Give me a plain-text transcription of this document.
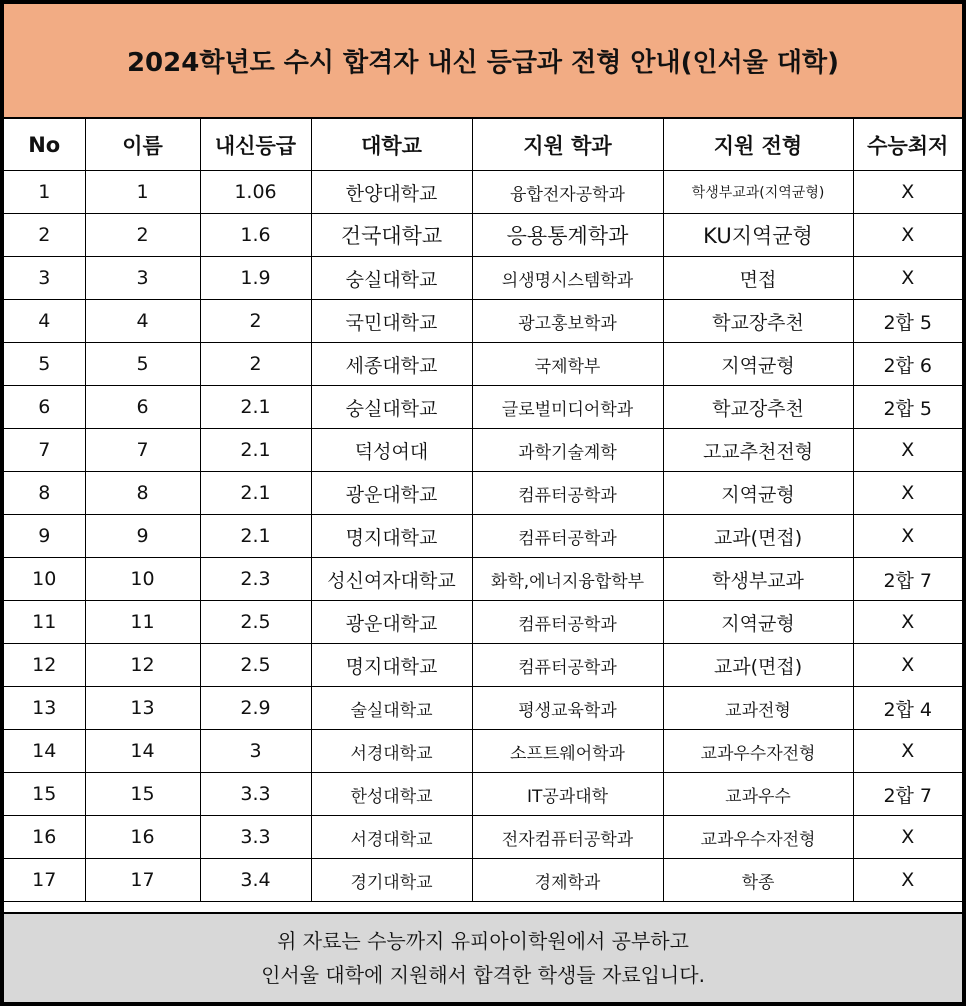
2024학년도 수시 합격자 내신 등급과 전형 안내(인서울 대학)
No	이름	내신등급	대학교	지원 학과	지원 전형	수능최저
1	1	1.06	한양대학교	융합전자공학과	학생부교과(지역균형)	X
2	2	1.6	건국대학교	응용통계학과	KU지역균형	X
3	3	1.9	숭실대학교	의생명시스템학과	면접	X
4	4	2	국민대학교	광고홍보학과	학교장추천	2합 5
5	5	2	세종대학교	국제학부	지역균형	2합 6
6	6	2.1	숭실대학교	글로벌미디어학과	학교장추천	2합 5
7	7	2.1	덕성여대	과학기술계학	고교추천전형	X
8	8	2.1	광운대학교	컴퓨터공학과	지역균형	X
9	9	2.1	명지대학교	컴퓨터공학과	교과(면접)	X
10	10	2.3	성신여자대학교	화학,에너지융합학부	학생부교과	2합 7
11	11	2.5	광운대학교	컴퓨터공학과	지역균형	X
12	12	2.5	명지대학교	컴퓨터공학과	교과(면접)	X
13	13	2.9	술실대학교	평생교육학과	교과전형	2합 4
14	14	3	서경대학교	소프트웨어학과	교과우수자전형	X
15	15	3.3	한성대학교	IT공과대학	교과우수	2합 7
16	16	3.3	서경대학교	전자컴퓨터공학과	교과우수자전형	X
17	17	3.4	경기대학교	경제학과	학종	X
위 자료는 수능까지 유피아이학원에서 공부하고
인서울 대학에 지원해서 합격한 학생들 자료입니다.
